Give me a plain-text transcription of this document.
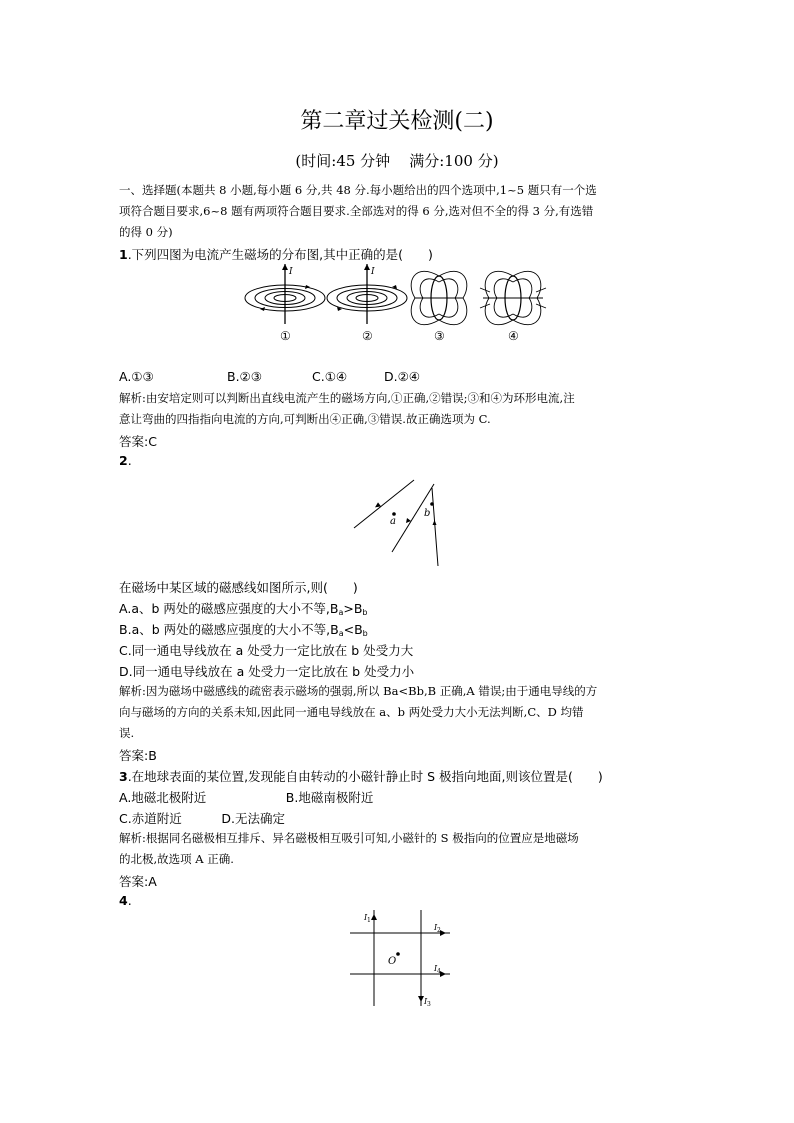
第二章过关检测(二)
(时间:45 分钟    满分:100 分)
一、选择题(本题共 8 小题,每小题 6 分,共 48 分.每小题给出的四个选项中,1~5 题只有一个选
项符合题目要求,6~8 题有两项符合题目要求.全部选对的得 6 分,选对但不全的得 3 分,有选错
的得 0 分)
1.下列四图为电流产生磁场的分布图,其中正确的是(　　)
I
①
I
②	③	④
A.①③	B.②③	C.①④	D.②④
解析:由安培定则可以判断出直线电流产生的磁场方向,①正确,②错误;③和④为环形电流,注
意让弯曲的四指指向电流的方向,可判断出④正确,③错误.故正确选项为 C.
答案:C
2.
a
b
在磁场中某区域的磁感线如图所示,则(　　)
A.a、b 两处的磁感应强度的大小不等$,B_a>B_b$
B.a、b 两处的磁感应强度的大小不等$,B_a<B_b$
C.同一通电导线放在 a 处受力一定比放在 b 处受力大
D.同一通电导线放在 a 处受力一定比放在 b 处受力小
解析:因为磁场中磁感线的疏密表示磁场的强弱,所以 Ba<Bb,B 正确,A 错误;由于通电导线的方
向与磁场的方向的关系未知,因此同一通电导线放在 a、b 两处受力大小无法判断,C、D 均错
误.
答案:B
3.在地球表面的某位置,发现能自由转动的小磁针静止时 S 极指向地面,则该位置是(　　)
A.地磁北极附近                    B.地磁南极附近
C.赤道附近          D.无法确定
解析:根据同名磁极相互排斥、异名磁极相互吸引可知,小磁针的 S 极指向的位置应是地磁场
的北极,故选项 A 正确.
答案:A
4.
I 1
I 2
I 4
I 3
O
